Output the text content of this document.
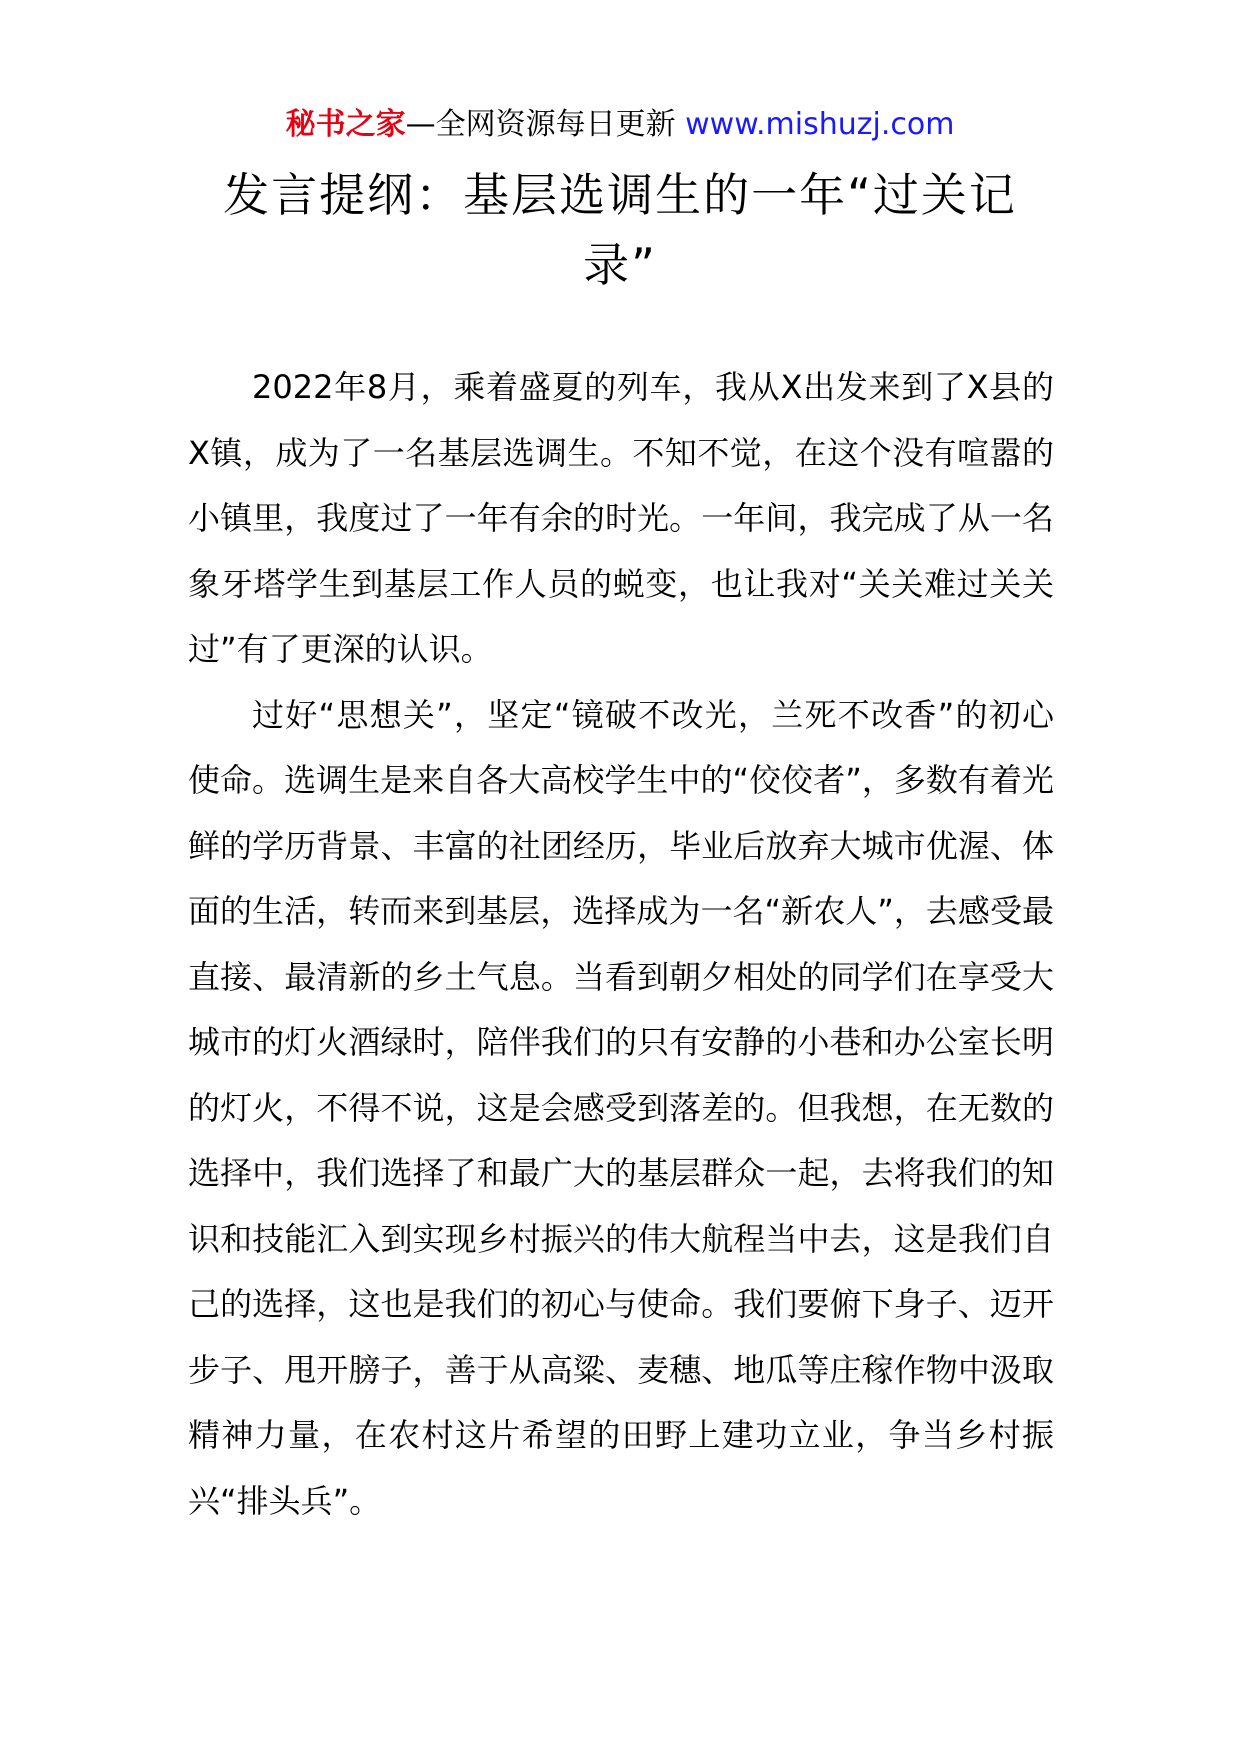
秘书之家—全网资源每日更新 www.mishuzj.com
发言提纲：基层选调生的一年“过关记录”

2022年8月，乘着盛夏的列车，我从X出发来到了X县的X镇，成为了一名基层选调生。不知不觉，在这个没有喧嚣的小镇里，我度过了一年有余的时光。一年间，我完成了从一名象牙塔学生到基层工作人员的蜕变，也让我对“关关难过关关过”有了更深的认识。

过好“思想关”，坚定“镜破不改光，兰死不改香”的初心使命。选调生是来自各大高校学生中的“佼佼者”，多数有着光鲜的学历背景、丰富的社团经历，毕业后放弃大城市优渥、体面的生活，转而来到基层，选择成为一名“新农人”，去感受最直接、最清新的乡土气息。当看到朝夕相处的同学们在享受大城市的灯火酒绿时，陪伴我们的只有安静的小巷和办公室长明的灯火，不得不说，这是会感受到落差的。但我想，在无数的选择中，我们选择了和最广大的基层群众一起，去将我们的知识和技能汇入到实现乡村振兴的伟大航程当中去，这是我们自己的选择，这也是我们的初心与使命。我们要俯下身子、迈开步子、甩开膀子，善于从高粱、麦穗、地瓜等庄稼作物中汲取精神力量，在农村这片希望的田野上建功立业，争当乡村振兴“排头兵”。
